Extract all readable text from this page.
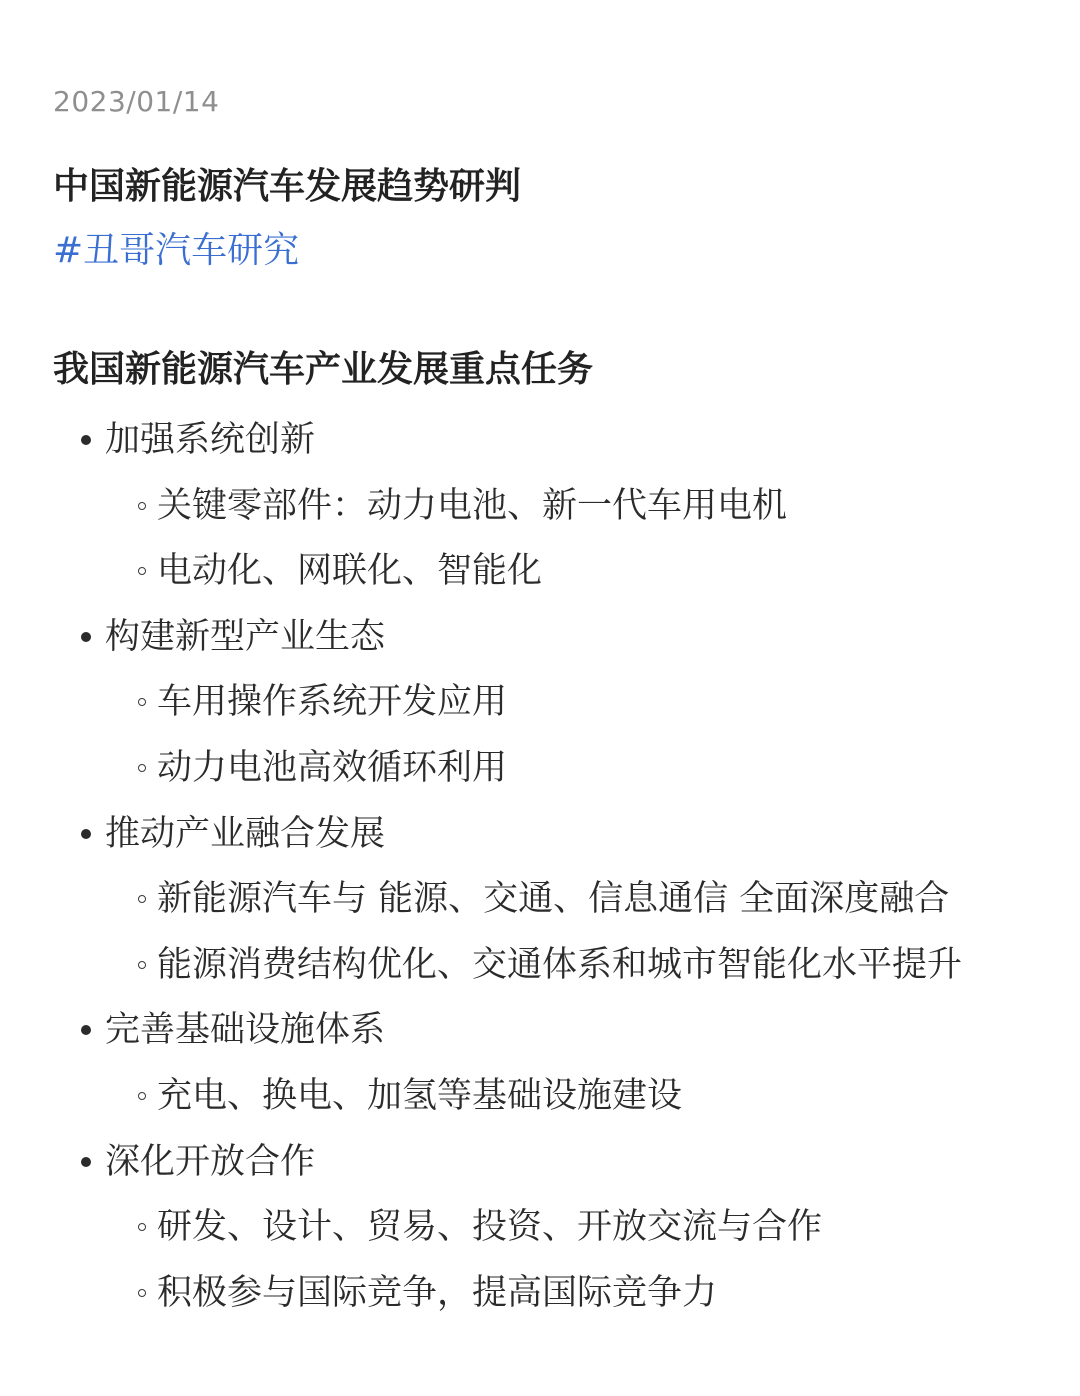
2023/01/14
中国新能源汽车发展趋势研判
#丑哥汽车研究
我国新能源汽车产业发展重点任务
加强系统创新
关键零部件：动力电池、新一代车用电机
电动化、网联化、智能化
构建新型产业生态
车用操作系统开发应用
动力电池高效循环利用
推动产业融合发展
新能源汽车与 能源、交通、信息通信 全面深度融合
能源消费结构优化、交通体系和城市智能化水平提升
完善基础设施体系
充电、换电、加氢等基础设施建设
深化开放合作
研发、设计、贸易、投资、开放交流与合作
积极参与国际竞争，提高国际竞争力
